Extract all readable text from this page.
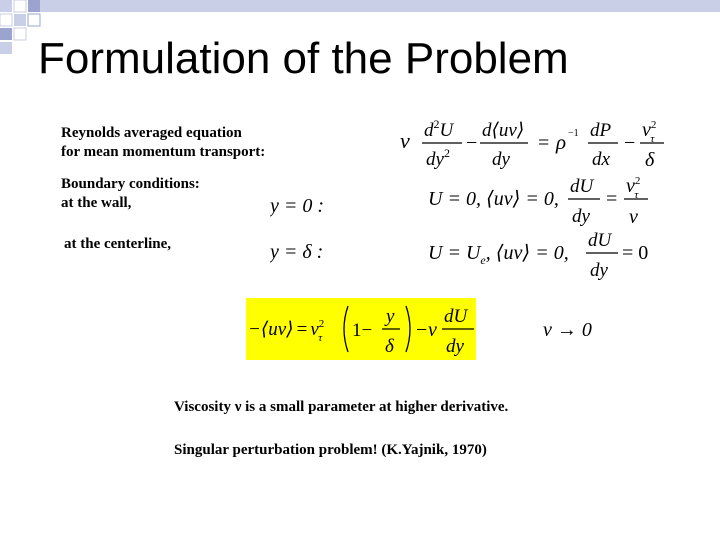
Formulation of the Problem
Reynolds averaged equation
for mean momentum transport:
Boundary conditions:
at the wall,
at the centerline,
ν $d^2U$
$dy^2$ −
d⟨uv⟩
dy
= ρ −1 dP
dx
−
$\nu^2$ τ
δ
y = 0 :	U = 0, ⟨uv⟩ = 0,
dU
dy
=
$\nu^2$ τ
ν
y = δ :	$U = U_e$, ⟨uv⟩ = 0,
dU
dy
= 0
−⟨uv⟩ = $\nu^2$ τ 1−
y
δ
− ν
dU
dy
ν → 0
Viscosity ν is a small parameter at higher derivative.
Singular perturbation problem! (K.Yajnik, 1970)
